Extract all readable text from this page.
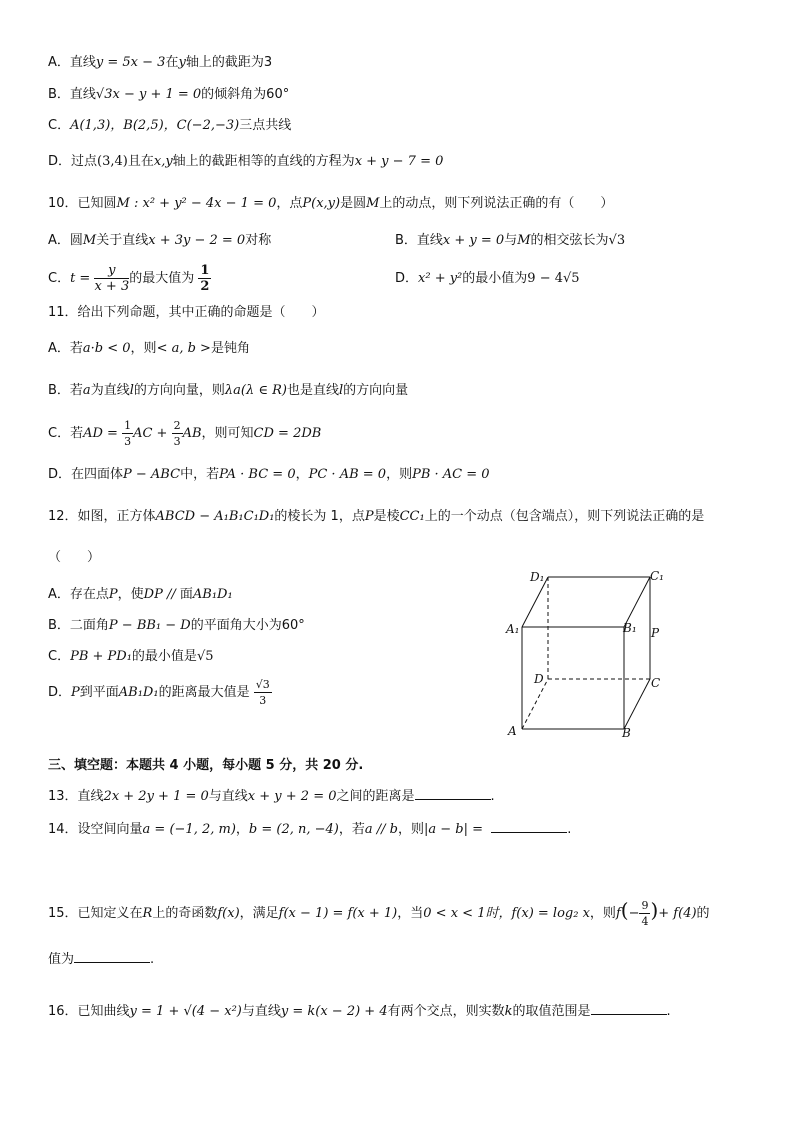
A．直线y = 5x − 3在y轴上的截距为3
B．直线√3x − y + 1 = 0的倾斜角为60°
C．A(1,3)，B(2,5)，C(−2,−3)三点共线
D．过点(3,4)且在x,y轴上的截距相等的直线的方程为x + y − 7 = 0
10．已知圆M : x² + y² − 4x − 1 = 0，点P(x,y)是圆M上的动点，则下列说法正确的有（　　）
A．圆M关于直线x + 3y − 2 = 0对称	B．直线x + y = 0与M的相交弦长为√3
C．$t = \frac{y}{x + 3}$ 的最大值为 $\frac{1}{2}$	D．x² + y²的最小值为9 − 4√5
11．给出下列命题，其中正确的命题是（　　）
A．若a·b < 0，则< a, b >是钝角
B．若a为直线l的方向向量，则λa(λ ∈ R)也是直线l的方向向量
C．若AD = $\frac{1}{3}$ AC + $\frac{2}{3}$ AB，则可知CD = 2DB
D．在四面体P − ABC中，若PA · BC = 0，PC · AB = 0，则PB · AC = 0
12．如图，正方体ABCD − A₁B₁C₁D₁的棱长为 1，点P是棱CC₁上的一个动点（包含端点），则下列说法正确的是
（　　）
A．存在点P，使DP // 面AB₁D₁
B．二面角P − BB₁ − D的平面角大小为60°
C．PB + PD₁的最小值是√5
D．P到平面AB₁D₁的距离最大值是 $\frac{√3}{3}$
D₁	C₁
A₁	B₁ P
D	C
A	B
三、填空题：本题共 4 小题，每小题 5 分，共 20 分.
13．直线2x + 2y + 1 = 0与直线x + y + 2 = 0之间的距离是	.
14．设空间向量a = (−1, 2, m)，b = (2, n, −4)，若a // b，则|a − b| =	.
15．已知定义在R上的奇函数f(x)，满足f(x − 1) = f(x + 1)，当0 < x < 1时，f(x) = log₂ x，则$f(- \frac{9}{4}$ )+ f(4)的
值为	.
16．已知曲线y = 1 + √(4 − x²)与直线y = k(x − 2) + 4有两个交点，则实数k的取值范围是	.
